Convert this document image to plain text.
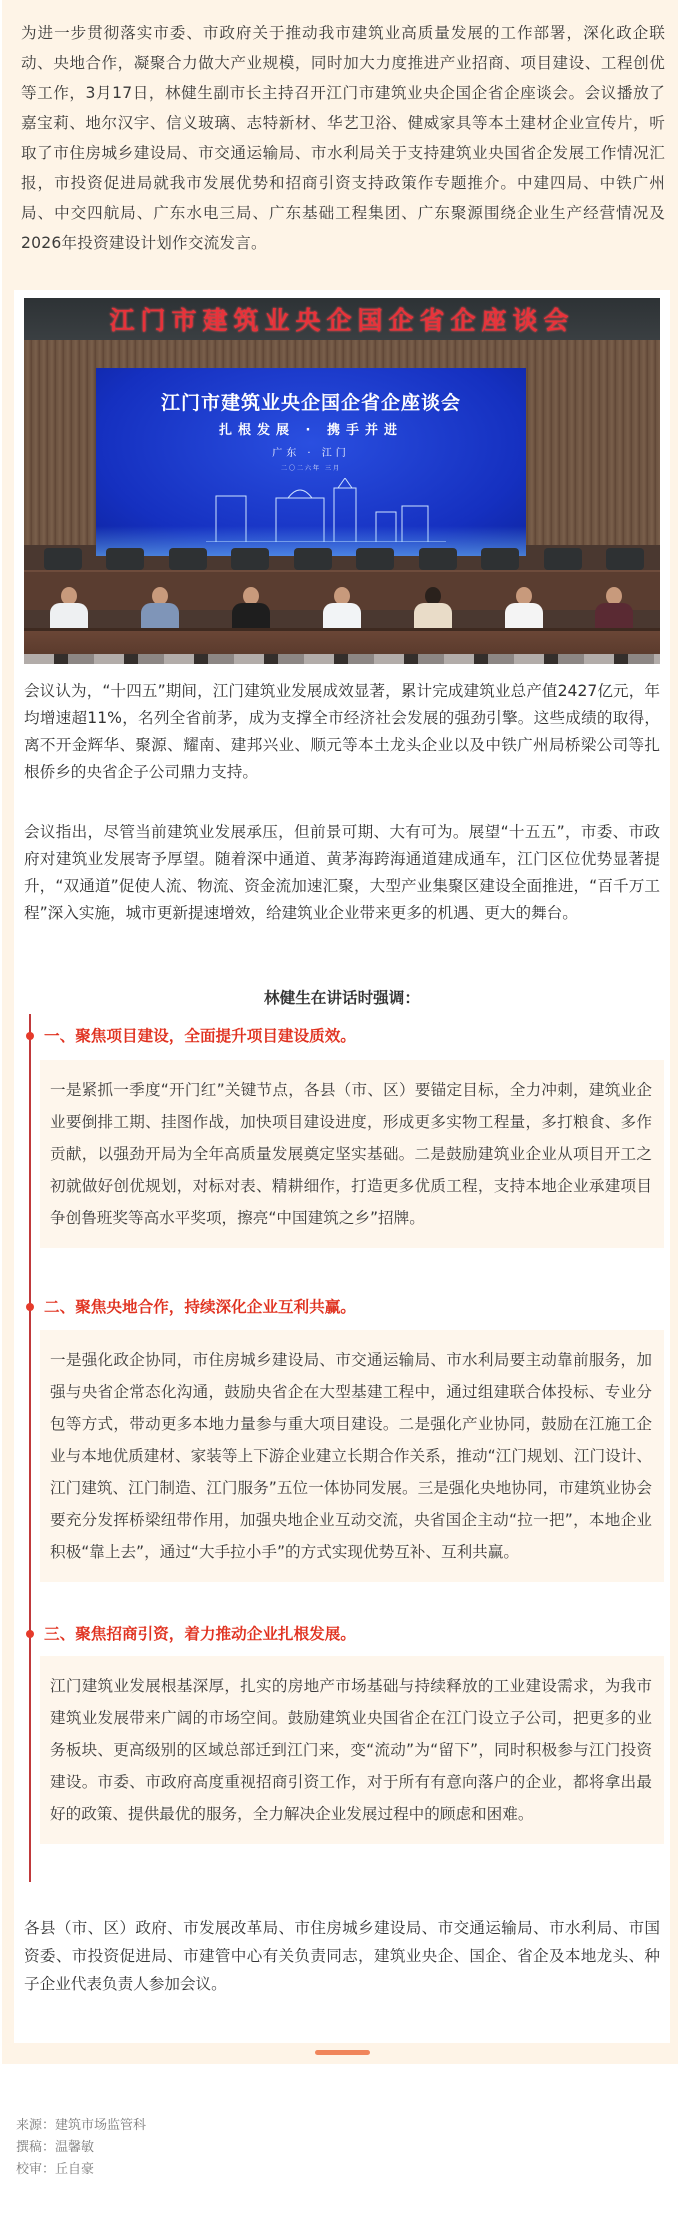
为进一步贯彻落实市委、市政府关于推动我市建筑业高质量发展的工作部署，深化政企联动、央地合作，凝聚合力做大产业规模，同时加大力度推进产业招商、项目建设、工程创优等工作，3月17日，林健生副市长主持召开江门市建筑业央企国企省企座谈会。会议播放了嘉宝莉、地尔汉宇、信义玻璃、志特新材、华艺卫浴、健威家具等本土建材企业宣传片，听取了市住房城乡建设局、市交通运输局、市水利局关于支持建筑业央国省企发展工作情况汇报，市投资促进局就我市发展优势和招商引资支持政策作专题推介。中建四局、中铁广州局、中交四航局、广东水电三局、广东基础工程集团、广东聚源围绕企业生产经营情况及2026年投资建设计划作交流发言。

江门市建筑业央企国企省企座谈会
江门市建筑业央企国企省企座谈会
扎根发展 · 携手并进
广东 · 江门
二〇二六年 三月

会议认为，“十四五”期间，江门建筑业发展成效显著，累计完成建筑业总产值2427亿元，年均增速超11%，名列全省前茅，成为支撑全市经济社会发展的强劲引擎。这些成绩的取得，离不开金辉华、聚源、耀南、建邦兴业、顺元等本土龙头企业以及中铁广州局桥梁公司等扎根侨乡的央省企子公司鼎力支持。

会议指出，尽管当前建筑业发展承压，但前景可期、大有可为。展望“十五五”，市委、市政府对建筑业发展寄予厚望。随着深中通道、黄茅海跨海通道建成通车，江门区位优势显著提升，“双通道”促使人流、物流、资金流加速汇聚，大型产业集聚区建设全面推进，“百千万工程”深入实施，城市更新提速增效，给建筑业企业带来更多的机遇、更大的舞台。

林健生在讲话时强调：
一、聚焦项目建设，全面提升项目建设质效。
一是紧抓一季度“开门红”关键节点，各县（市、区）要锚定目标，全力冲刺，建筑业企业要倒排工期、挂图作战，加快项目建设进度，形成更多实物工程量，多打粮食、多作贡献，以强劲开局为全年高质量发展奠定坚实基础。二是鼓励建筑业企业从项目开工之初就做好创优规划，对标对表、精耕细作，打造更多优质工程，支持本地企业承建项目争创鲁班奖等高水平奖项，擦亮“中国建筑之乡”招牌。
二、聚焦央地合作，持续深化企业互利共赢。
一是强化政企协同，市住房城乡建设局、市交通运输局、市水利局要主动靠前服务，加强与央省企常态化沟通，鼓励央省企在大型基建工程中，通过组建联合体投标、专业分包等方式，带动更多本地力量参与重大项目建设。二是强化产业协同，鼓励在江施工企业与本地优质建材、家装等上下游企业建立长期合作关系，推动“江门规划、江门设计、江门建筑、江门制造、江门服务”五位一体协同发展。三是强化央地协同，市建筑业协会要充分发挥桥梁纽带作用，加强央地企业互动交流，央省国企主动“拉一把”，本地企业积极“靠上去”，通过“大手拉小手”的方式实现优势互补、互利共赢。
三、聚焦招商引资，着力推动企业扎根发展。
江门建筑业发展根基深厚，扎实的房地产市场基础与持续释放的工业建设需求，为我市建筑业发展带来广阔的市场空间。鼓励建筑业央国省企在江门设立子公司，把更多的业务板块、更高级别的区域总部迁到江门来，变“流动”为“留下”，同时积极参与江门投资建设。市委、市政府高度重视招商引资工作，对于所有有意向落户的企业，都将拿出最好的政策、提供最优的服务，全力解决企业发展过程中的顾虑和困难。

各县（市、区）政府、市发展改革局、市住房城乡建设局、市交通运输局、市水利局、市国资委、市投资促进局、市建管中心有关负责同志，建筑业央企、国企、省企及本地龙头、种子企业代表负责人参加会议。

来源：建筑市场监管科
撰稿：温馨敏
校审：丘自豪
